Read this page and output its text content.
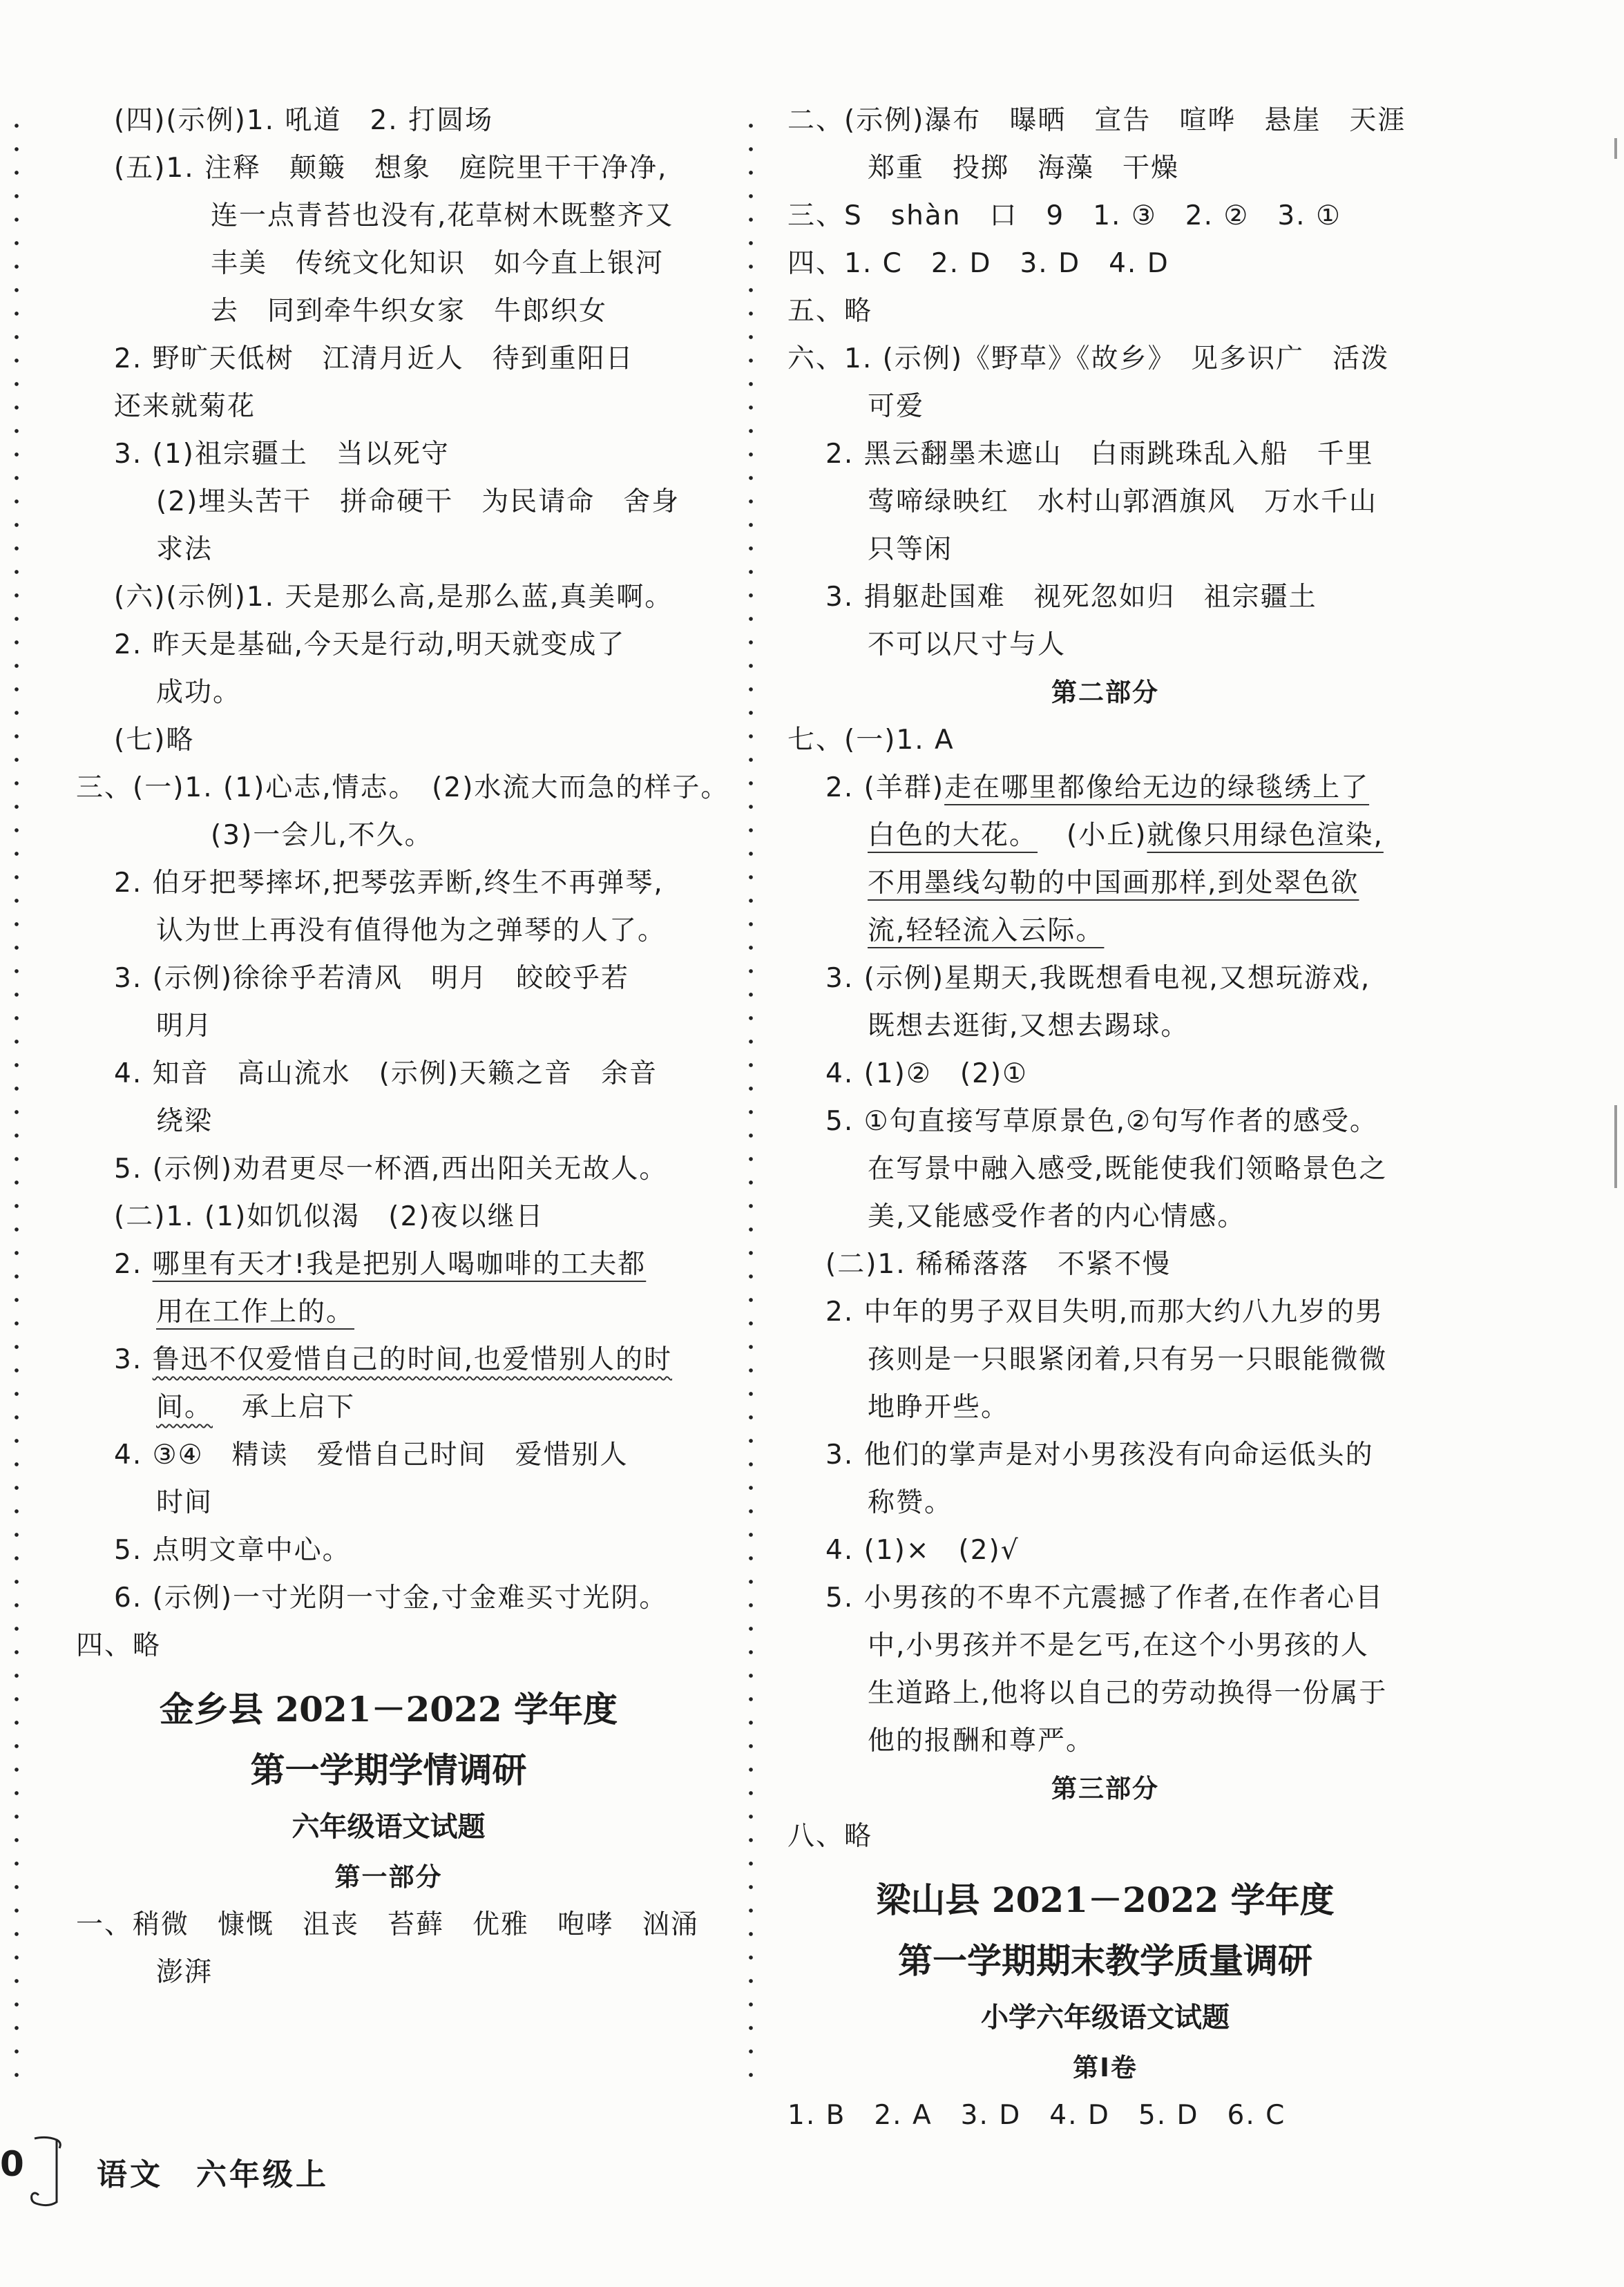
(四)(示例)1. 吼道　2. 打圆场
(五)1. 注释　颠簸　想象　庭院里干干净净,
连一点青苔也没有,花草树木既整齐又
丰美　传统文化知识　如今直上银河
去　同到牵牛织女家　牛郎织女
2. 野旷天低树　江清月近人　待到重阳日
还来就菊花
3. (1)祖宗疆土　当以死守
(2)埋头苦干　拼命硬干　为民请命　舍身
求法
(六)(示例)1. 天是那么高,是那么蓝,真美啊。
2. 昨天是基础,今天是行动,明天就变成了
成功。
(七)略
三、(一)1. (1)心志,情志。　(2)水流大而急的样子。
(3)一会儿,不久。
2. 伯牙把琴摔坏,把琴弦弄断,终生不再弹琴,
认为世上再没有值得他为之弹琴的人了。
3. (示例)徐徐乎若清风　明月　皎皎乎若
明月
4. 知音　高山流水　(示例)天籁之音　余音
绕梁
5. (示例)劝君更尽一杯酒,西出阳关无故人。
(二)1. (1)如饥似渴　(2)夜以继日
2. 哪里有天才!我是把别人喝咖啡的工夫都
用在工作上的。
3. 鲁迅不仅爱惜自己的时间,也爱惜别人的时
间。 承上启下
4. ③④　精读　爱惜自己时间　爱惜别人
时间
5. 点明文章中心。
6. (示例)一寸光阴一寸金,寸金难买寸光阴。
四、略
金乡县 2021－2022 学年度
第一学期学情调研
六年级语文试题
第一部分
一、稍微　慷慨　沮丧　苔藓　优雅　咆哮　汹涌
澎湃
二、(示例)瀑布　曝晒　宣告　喧哗　悬崖　天涯
郑重　投掷　海藻　干燥
三、S　shàn　口　9　1. ③　2. ②　3. ①
四、1. C　2. D　3. D　4. D
五、略
六、1. (示例)《野草》《故乡》　见多识广　活泼
可爱
2. 黑云翻墨未遮山　白雨跳珠乱入船　千里
莺啼绿映红　水村山郭酒旗风　万水千山
只等闲
3. 捐躯赴国难　视死忽如归　祖宗疆土
不可以尺寸与人
第二部分
七、(一)1. A
2. (羊群)走在哪里都像给无边的绿毯绣上了
白色的大花。 (小丘)就像只用绿色渲染,
不用墨线勾勒的中国画那样,到处翠色欲
流,轻轻流入云际。
3. (示例)星期天,我既想看电视,又想玩游戏,
既想去逛街,又想去踢球。
4. (1)②　(2)①
5. ①句直接写草原景色,②句写作者的感受。
在写景中融入感受,既能使我们领略景色之
美,又能感受作者的内心情感。
(二)1. 稀稀落落　不紧不慢
2. 中年的男子双目失明,而那大约八九岁的男
孩则是一只眼紧闭着,只有另一只眼能微微
地睁开些。
3. 他们的掌声是对小男孩没有向命运低头的
称赞。
4. (1)×　(2)√
5. 小男孩的不卑不亢震撼了作者,在作者心目
中,小男孩并不是乞丐,在这个小男孩的人
生道路上,他将以自己的劳动换得一份属于
他的报酬和尊严。
第三部分
八、略
梁山县 2021－2022 学年度
第一学期期末教学质量调研
小学六年级语文试题
第Ⅰ卷
1. B　2. A　3. D　4. D　5. D　6. C
0 语文　六年级上
